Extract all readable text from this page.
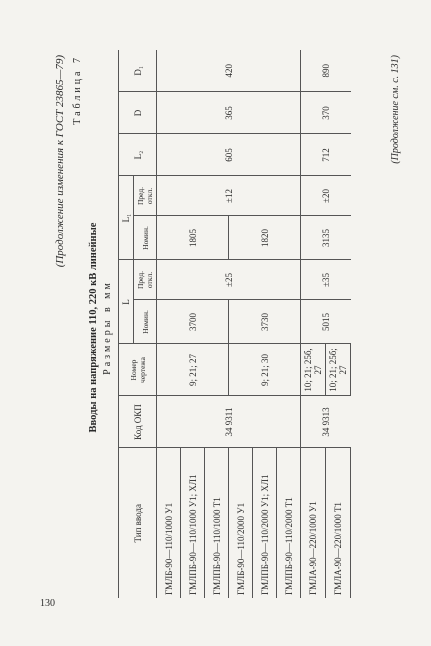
130
(Продолжение изменения к ГОСТ 23865—79) Таблица 7
Вводы на напряжение 110, 220 кВ линейные Размеры в мм
Тип ввода	Код ОКП	Номер чертежа	L		L₁		L₂	D	D₁
			Номин.	Пред. откл.	Номин.	Пред. откл.			
ГМЛБ-90—110/1000 У1	34 9311	9; 21; 27	3700	±25	1805	±12	605	365	420
ГМЛПБ-90—110/1000 У1; ХЛ1									
ГМЛПБ-90—110/1000 Т1									
ГМЛБ-90—110/2000 У1		9; 21; 30	3730		1820				
ГМЛПБ-90—110/2000 У1; ХЛ1									
ГМЛПБ-90—110/2000 Т1									
ГМЛА-90—220/1000 У1	34 9313	10; 21; 25б, 27	5015	±35	3135	±20	712	370	890
ГМЛА-90—220/1000 Т1		10; 21; 25б; 27							
(Продолжение см. с. 131)
